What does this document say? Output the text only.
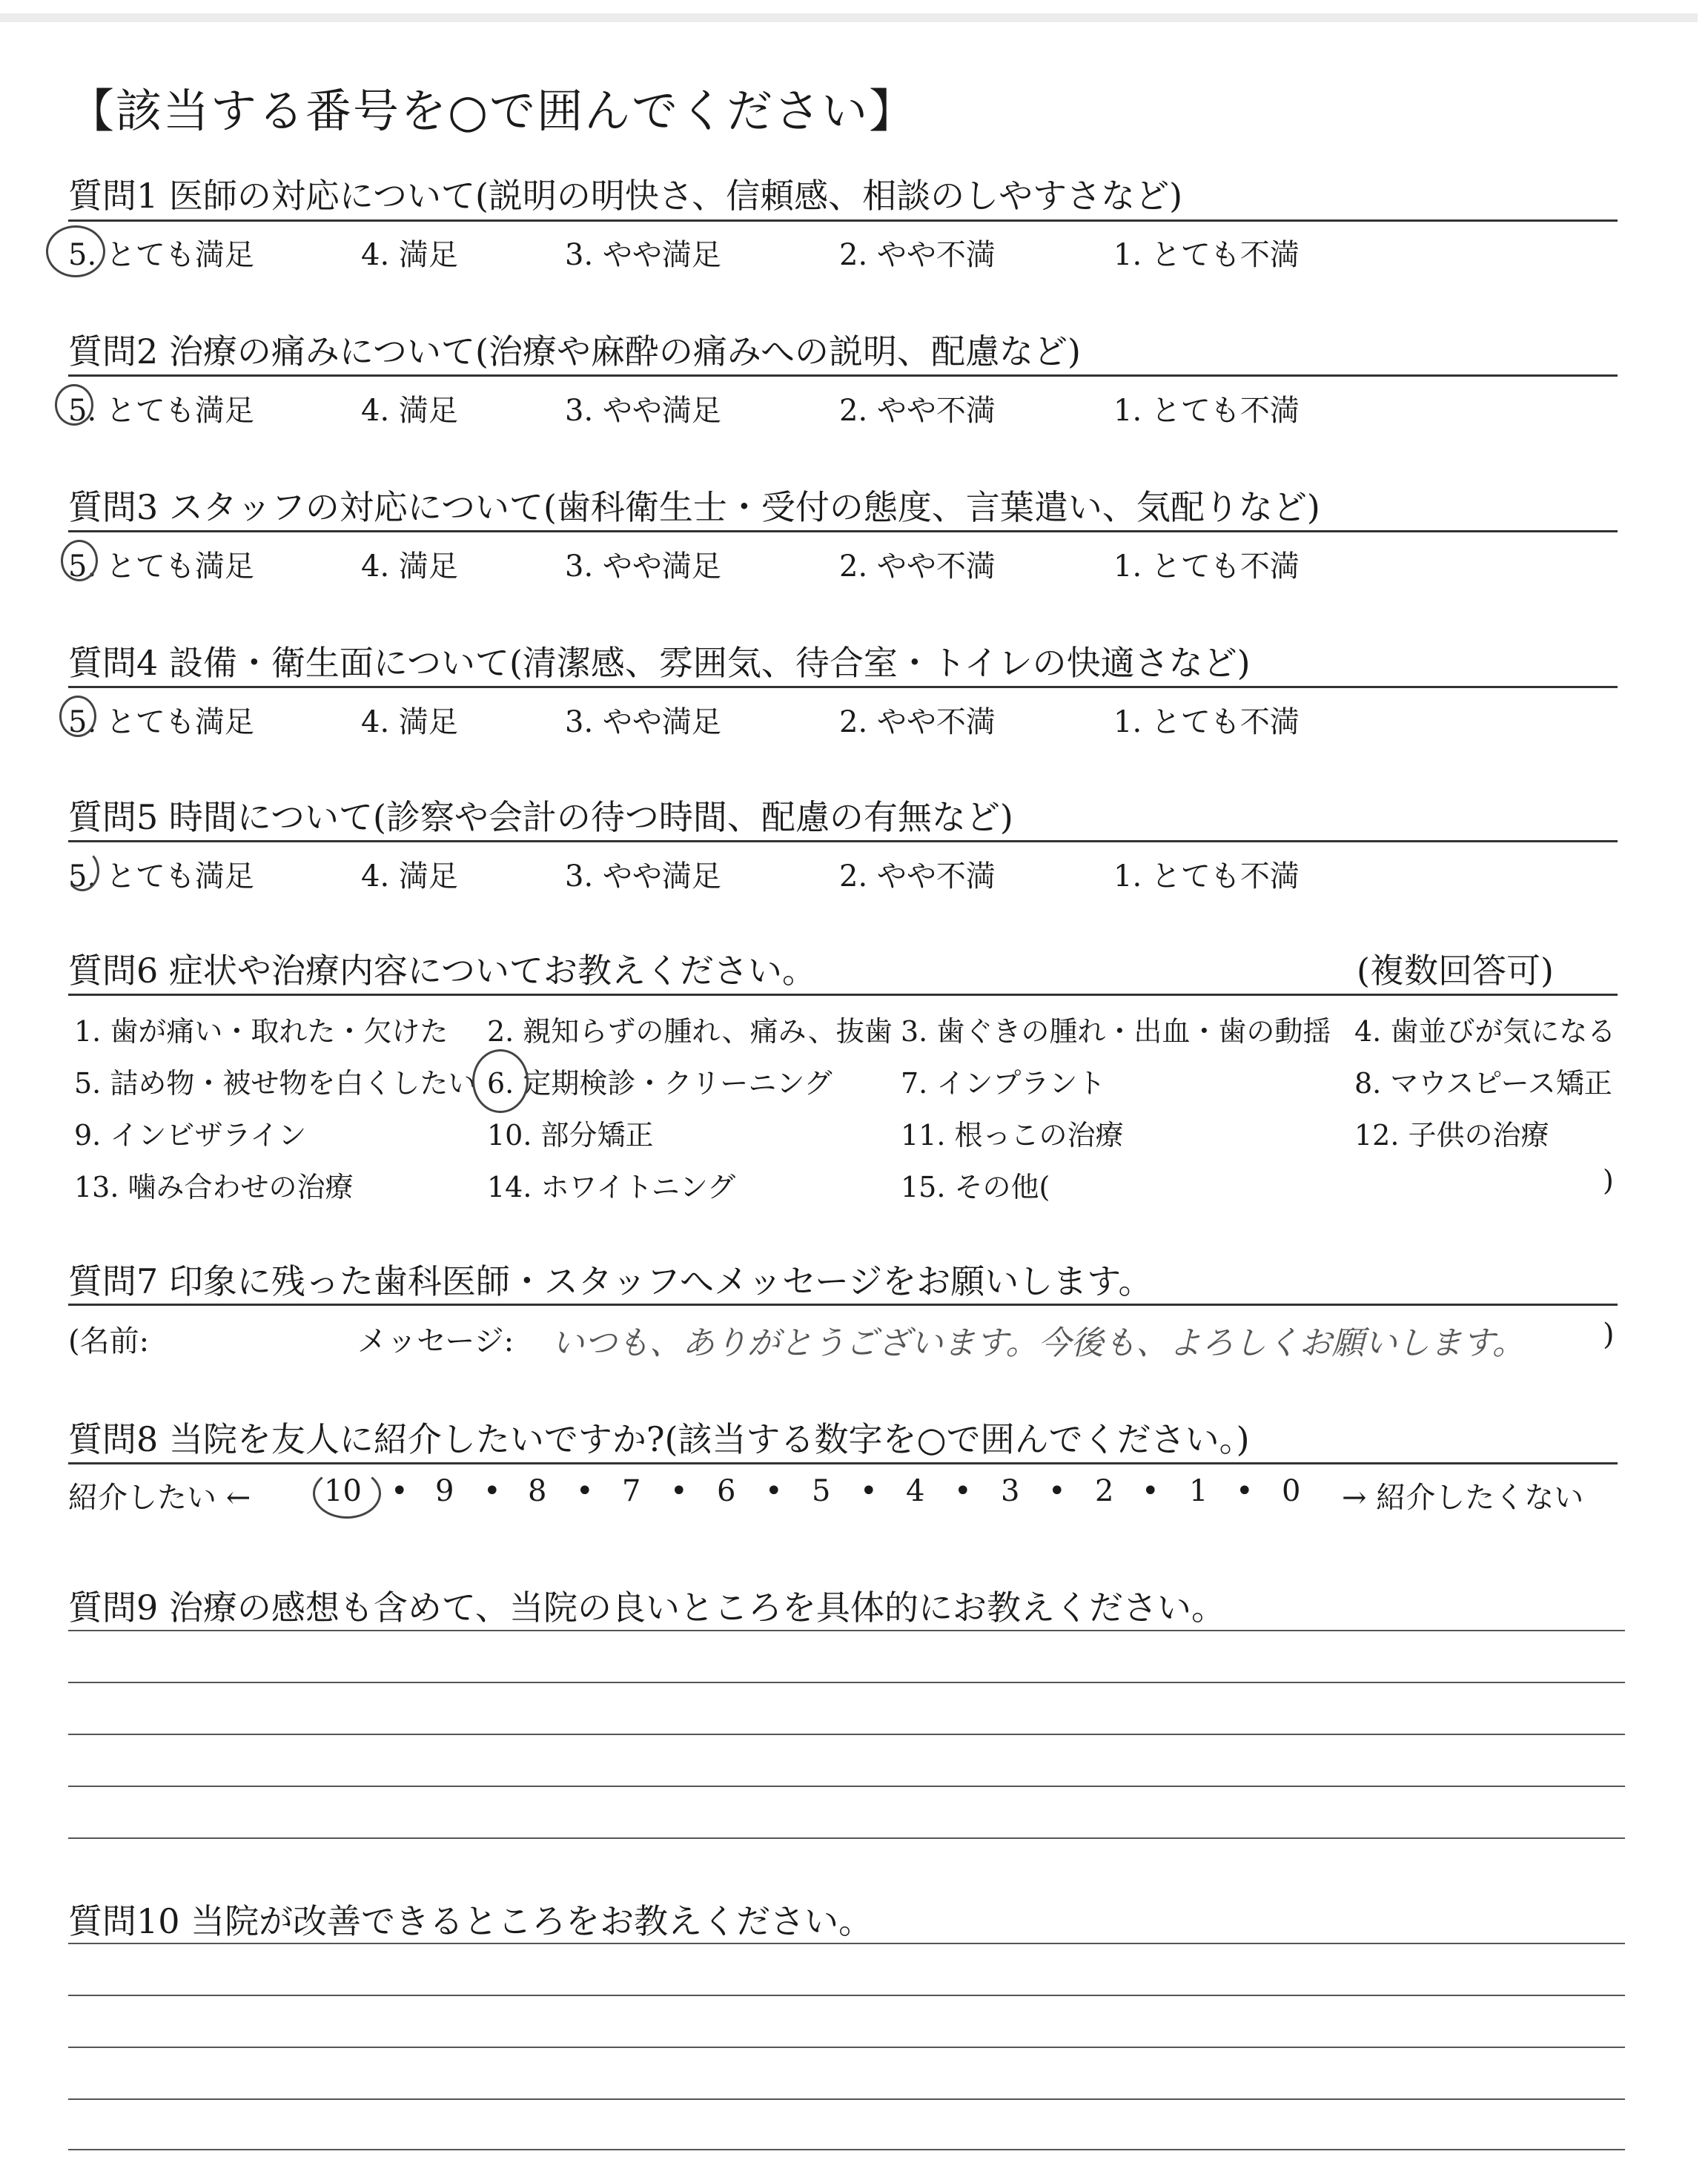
【該当する番号を○で囲んでください】
質問1 医師の対応について(説明の明快さ、信頼感、相談のしやすさなど)
5. とても満足	4. 満足	3. やや満足	2. やや不満	1. とても不満
質問2 治療の痛みについて(治療や麻酔の痛みへの説明、配慮など)
5. とても満足	4. 満足	3. やや満足	2. やや不満	1. とても不満
質問3 スタッフの対応について(歯科衛生士・受付の態度、言葉遣い、気配りなど)
5. とても満足	4. 満足	3. やや満足	2. やや不満	1. とても不満
質問4 設備・衛生面について(清潔感、雰囲気、待合室・トイレの快適さなど)
5. とても満足	4. 満足	3. やや満足	2. やや不満	1. とても不満
質問5 時間について(診察や会計の待つ時間、配慮の有無など)
5. とても満足	4. 満足	3. やや満足	2. やや不満	1. とても不満
質問6 症状や治療内容についてお教えください。	(複数回答可)
1. 歯が痛い・取れた・欠けた 2. 親知らずの腫れ、痛み、抜歯 3. 歯ぐきの腫れ・出血・歯の動揺 4. 歯並びが気になる
5. 詰め物・被せ物を白くしたい 6. 定期検診・クリーニング 7. インプラント	8. マウスピース矯正
9. インビザライン	10. 部分矯正	11. 根っこの治療	12. 子供の治療
13. 噛み合わせの治療	14. ホワイトニング	15. その他(	)
質問7 印象に残った歯科医師・スタッフへメッセージをお願いします。
(名前:	メッセージ: いつも、ありがとうございます。今後も、よろしくお願いします。	)
質問8 当院を友人に紹介したいですか?(該当する数字を○で囲んでください。)
紹介したい ← 10 • 9 • 8 • 7 • 6 • 5 • 4 • 3 • 2 • 1 • 0 → 紹介したくない
質問9 治療の感想も含めて、当院の良いところを具体的にお教えください。
質問10 当院が改善できるところをお教えください。
